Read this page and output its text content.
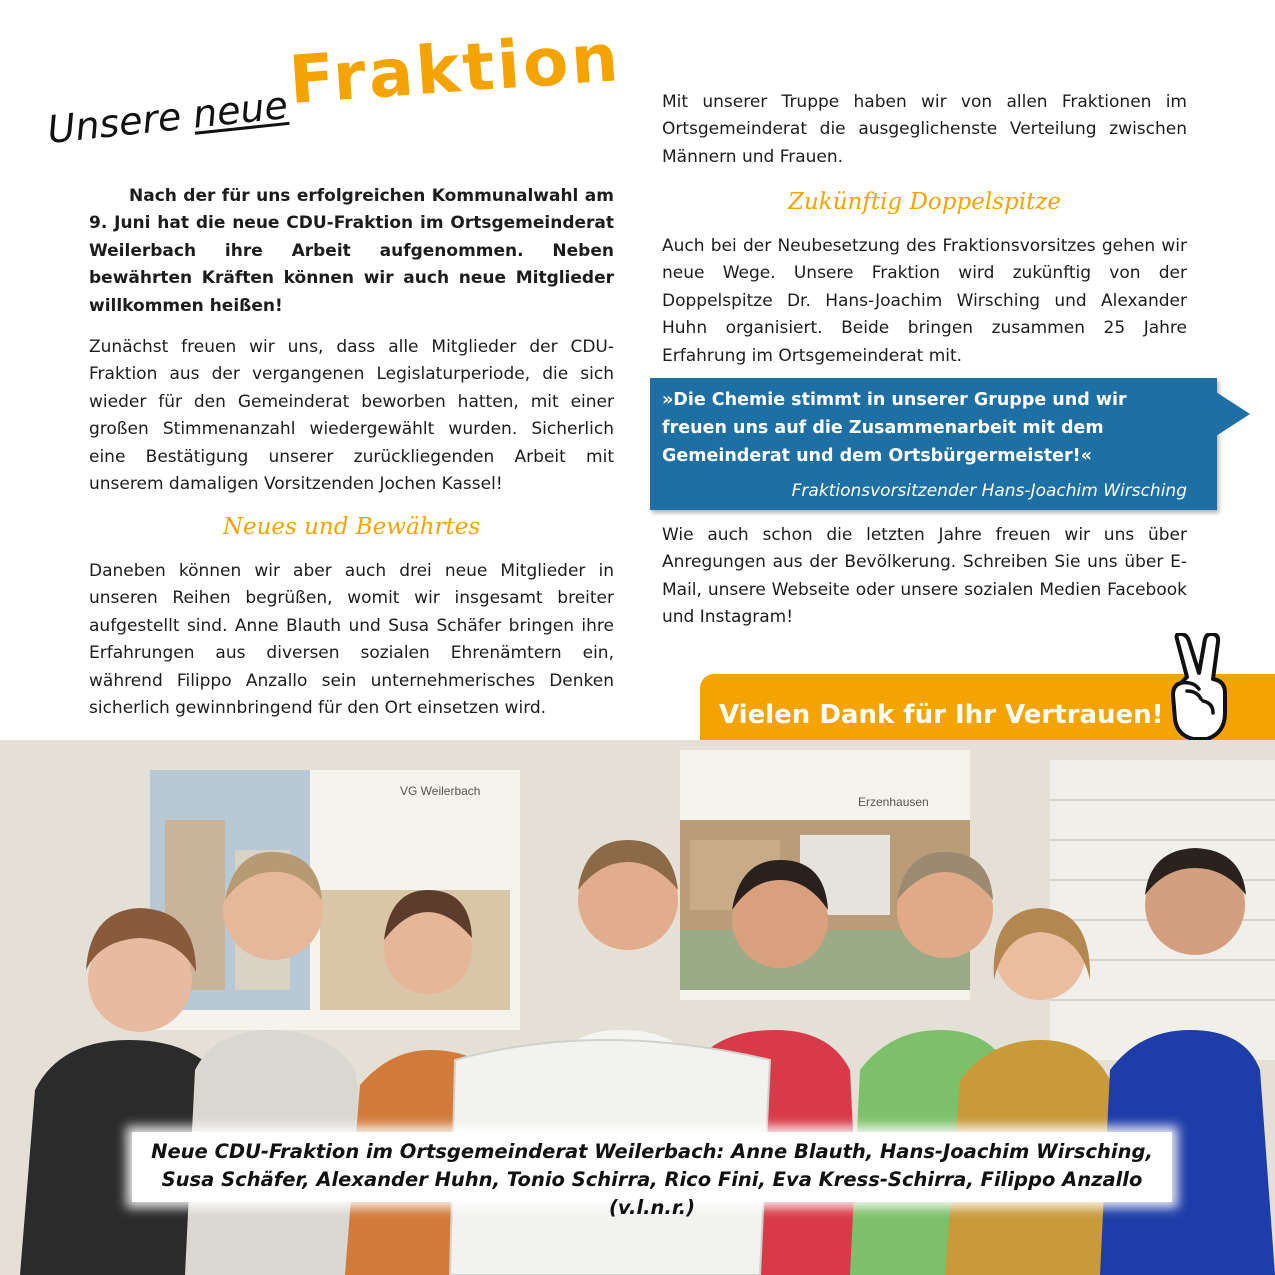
Unsere neue
Fraktion

Nach der für uns erfolgreichen Kommunalwahl am 9. Juni hat die neue CDU-Fraktion im Ortsgemeinderat Weilerbach ihre Arbeit aufgenommen. Neben bewährten Kräften können wir auch neue Mitglieder willkommen heißen!

Zunächst freuen wir uns, dass alle Mitglieder der CDU-Fraktion aus der vergangenen Legislaturperiode, die sich wieder für den Gemeinderat beworben hatten, mit einer großen Stimmenanzahl wiedergewählt wurden. Sicherlich eine Bestätigung unserer zurückliegenden Arbeit mit unserem damaligen Vorsitzenden Jochen Kassel!

Neues und Bewährtes

Daneben können wir aber auch drei neue Mitglieder in unseren Reihen begrüßen, womit wir insgesamt breiter aufgestellt sind. Anne Blauth und Susa Schäfer bringen ihre Erfahrungen aus diversen sozialen Ehrenämtern ein, während Filippo Anzallo sein unternehmerisches Denken sicherlich gewinnbringend für den Ort einsetzen wird.

Mit unserer Truppe haben wir von allen Fraktionen im Ortsgemeinderat die ausgeglichenste Verteilung zwischen Männern und Frauen.
Zukünftig Doppelspitze
Auch bei der Neubesetzung des Fraktionsvorsitzes gehen wir neue Wege. Unsere Fraktion wird zukünftig von der Doppelspitze Dr. Hans-Joachim Wirsching und Alexander Huhn organisiert. Beide bringen zusammen 25 Jahre Erfahrung im Ortsgemeinderat mit.
»Die Chemie stimmt in unserer Gruppe und wir freuen uns auf die Zusammenarbeit mit dem Gemeinderat und dem Ortsbürgermeister!«
Fraktionsvorsitzender Hans-Joachim Wirsching
Wie auch schon die letzten Jahre freuen wir uns über Anregungen aus der Bevölkerung. Schreiben Sie uns über E-Mail, unsere Webseite oder unsere sozialen Medien Facebook und Instagram!
Vielen Dank für Ihr Vertrauen!
VG Weilerbach
Erzenhausen
Neue CDU-Fraktion im Ortsgemeinderat Weilerbach: Anne Blauth, Hans-Joachim Wirsching, Susa Schäfer, Alexander Huhn, Tonio Schirra, Rico Fini, Eva Kress-Schirra, Filippo Anzallo (v.l.n.r.)
